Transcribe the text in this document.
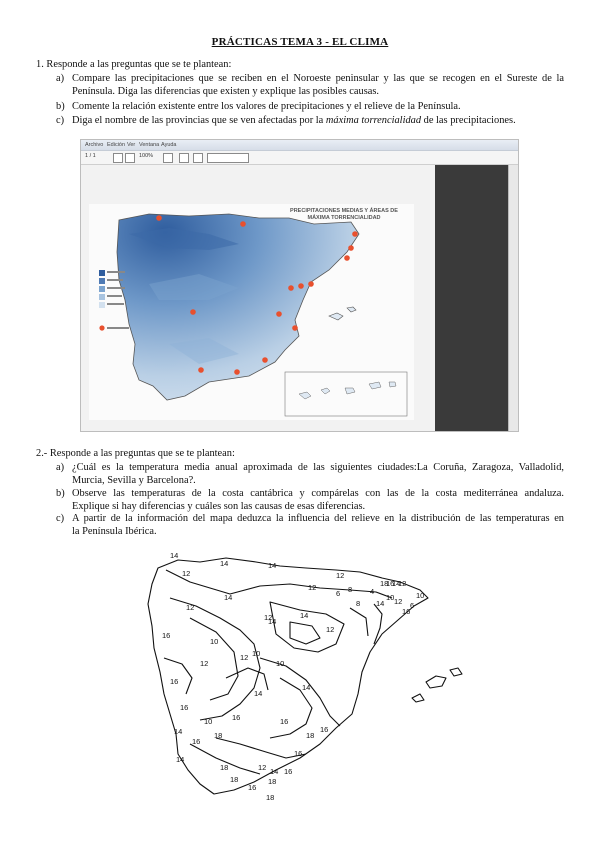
PRÁCTICAS TEMA 3 - EL CLIMA
1. Responde a las preguntas que se te plantean:
a) Compare las precipitaciones que se reciben en el Noroeste peninsular y las que se recogen en el Sureste de la
Península. Diga las diferencias que existen y explique las posibles causas.
b) Comente la relación existente entre los valores de precipitaciones y el relieve de la Península.
c) Diga el nombre de las provincias que se ven afectadas por la máxima torrencialidad de las precipitaciones.
Archivo Edición Ver Ventana Ayuda
1 / 1	100%
PRECIPITACIONES MEDIAS Y ÁREAS DE
MÁXIMA TORRENCIALIDAD
2.- Responde a las preguntas que se te plantean:
a) ¿Cuál es la temperatura media anual aproximada de las siguientes ciudades:La Coruña, Zaragoza, Valladolid,
Murcia, Sevilla y Barcelona?.
b) Observe las temperaturas de la costa cantábrica y compárelas con las de la costa mediterránea andaluza.
Explique si hay diferencias y cuáles son las causas de esas diferencias.
c) A partir de la información del mapa deduzca la influencia del relieve en la distribución de las temperaturas en
la Península Ibérica.
14
12
14	14
12
18
16
14
12
10
8
6	4
8	6
10 12
14
16
12
14
12
14
12
10
16
14
10
12
12
12
10
16
14
14
10
16
18
16	16
14
16
18
16
16
18	12 14 16
14
18	18
16
18
